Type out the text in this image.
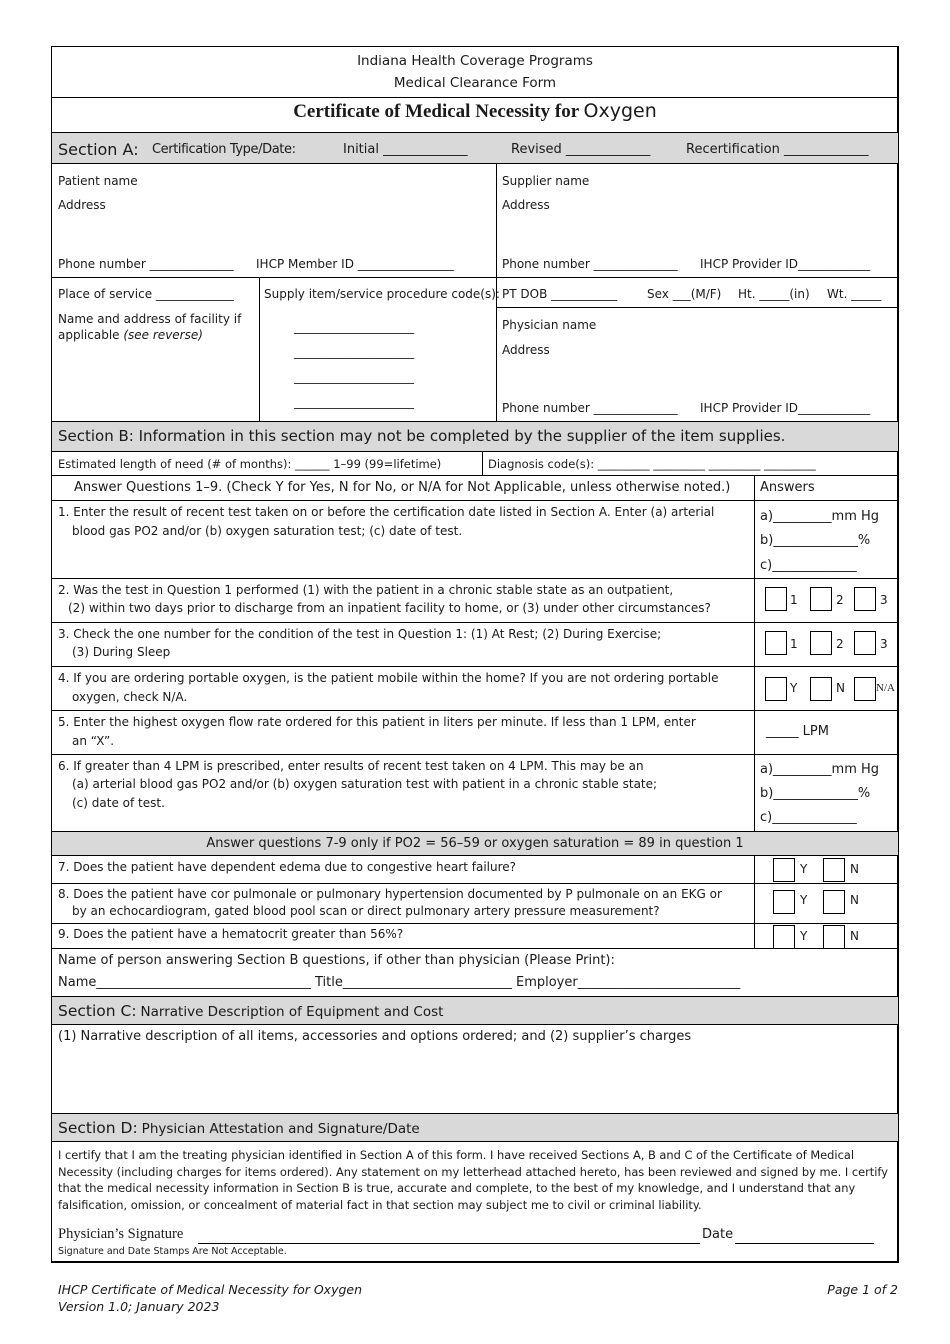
Indiana Health Coverage Programs
Medical Clearance Form
Certificate of Medical Necessity for Oxygen
Section A: Certification Type/Date:	Initial _____________	Revised _____________	Recertification _____________
Patient name
Address
Phone number ______________ IHCP Member ID ________________
Supplier name
Address
Phone number ______________ IHCP Provider ID____________
Place of service _____________
Name and address of facility if
applicable (see reverse)
Supply item/service procedure code(s):
____________________
____________________
____________________
____________________
PT DOB ___________ Sex ___(M/F) Ht. _____(in) Wt. _____
Physician name
Address
Phone number ______________ IHCP Provider ID____________
Section B: Information in this section may not be completed by the supplier of the item supplies.
Estimated length of need (# of months): ______ 1–99 (99=lifetime)	Diagnosis code(s): _________ _________ _________ _________
Answer Questions 1–9. (Check Y for Yes, N for No, or N/A for Not Applicable, unless otherwise noted.) Answers
1. Enter the result of recent test taken on or before the certification date listed in Section A. Enter (a) arterial
blood gas PO2 and/or (b) oxygen saturation test; (c) date of test.
a)_________mm Hg
b)_____________%
c)_____________
2. Was the test in Question 1 performed (1) with the patient in a chronic stable state as an outpatient,
(2) within two days prior to discharge from an inpatient facility to home, or (3) under other circumstances?
1	2	3
3. Check the one number for the condition of the test in Question 1: (1) At Rest; (2) During Exercise;
(3) During Sleep
1	2	3
4. If you are ordering portable oxygen, is the patient mobile within the home? If you are not ordering portable
oxygen, check N/A.
Y	N	N/A
5. Enter the highest oxygen flow rate ordered for this patient in liters per minute. If less than 1 LPM, enter
an “X”.
_____ LPM
6. If greater than 4 LPM is prescribed, enter results of recent test taken on 4 LPM. This may be an
(a) arterial blood gas PO2 and/or (b) oxygen saturation test with patient in a chronic stable state;
(c) date of test.
a)_________mm Hg
b)_____________%
c)_____________
Answer questions 7-9 only if PO2 = 56–59 or oxygen saturation = 89 in question 1
7. Does the patient have dependent edema due to congestive heart failure?	Y	N
8. Does the patient have cor pulmonale or pulmonary hypertension documented by P pulmonale on an EKG or
by an echocardiogram, gated blood pool scan or direct pulmonary artery pressure measurement?
Y	N
9. Does the patient have a hematocrit greater than 56%?	Y	N
Name of person answering Section B questions, if other than physician (Please Print):
Name_________________________________ Title__________________________ Employer_________________________
Section C: Narrative Description of Equipment and Cost
(1) Narrative description of all items, accessories and options ordered; and (2) supplier’s charges
Section D: Physician Attestation and Signature/Date
I certify that I am the treating physician identified in Section A of this form. I have received Sections A, B and C of the Certificate of Medical Necessity (including charges for items ordered). Any statement on my letterhead attached hereto, has been reviewed and signed by me. I certify that the medical necessity information in Section B is true, accurate and complete, to the best of my knowledge, and I understand that any falsification, omission, or concealment of material fact in that section may subject me to civil or criminal liability.
Physician’s Signature	Date
Signature and Date Stamps Are Not Acceptable.
IHCP Certificate of Medical Necessity for Oxygen
Version 1.0; January 2023
Page 1 of 2
